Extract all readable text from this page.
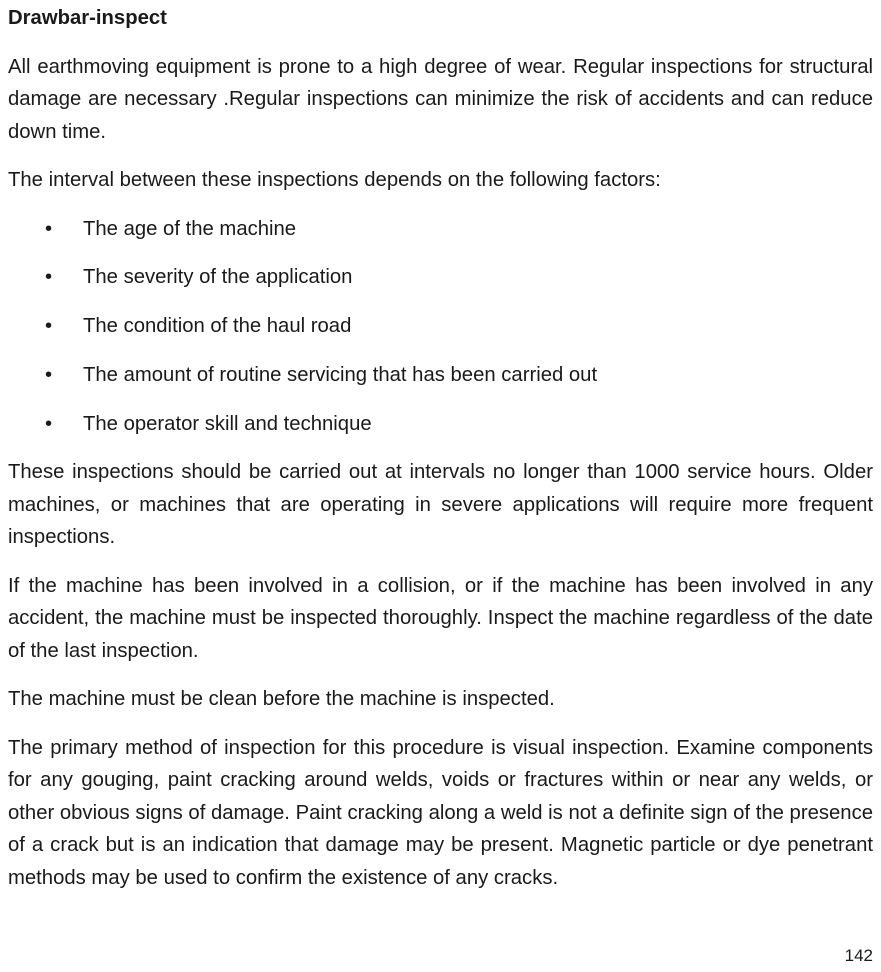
Drawbar-inspect

All earthmoving equipment is prone to a high degree of wear. Regular inspections for structural damage are necessary .Regular inspections can minimize the risk of accidents and can reduce down time.

The interval between these inspections depends on the following factors:

• The age of the machine
• The severity of the application
• The condition of the haul road
• The amount of routine servicing that has been carried out
• The operator skill and technique

These inspections should be carried out at intervals no longer than 1000 service hours. Older machines, or machines that are operating in severe applications will require more frequent inspections.

If the machine has been involved in a collision, or if the machine has been involved in any accident, the machine must be inspected thoroughly. Inspect the machine regardless of the date of the last inspection.

The machine must be clean before the machine is inspected.

The primary method of inspection for this procedure is visual inspection. Examine components for any gouging, paint cracking around welds, voids or fractures within or near any welds, or other obvious signs of damage. Paint cracking along a weld is not a definite sign of the presence of a crack but is an indication that damage may be present. Magnetic particle or dye penetrant methods may be used to confirm the existence of any cracks.

142
